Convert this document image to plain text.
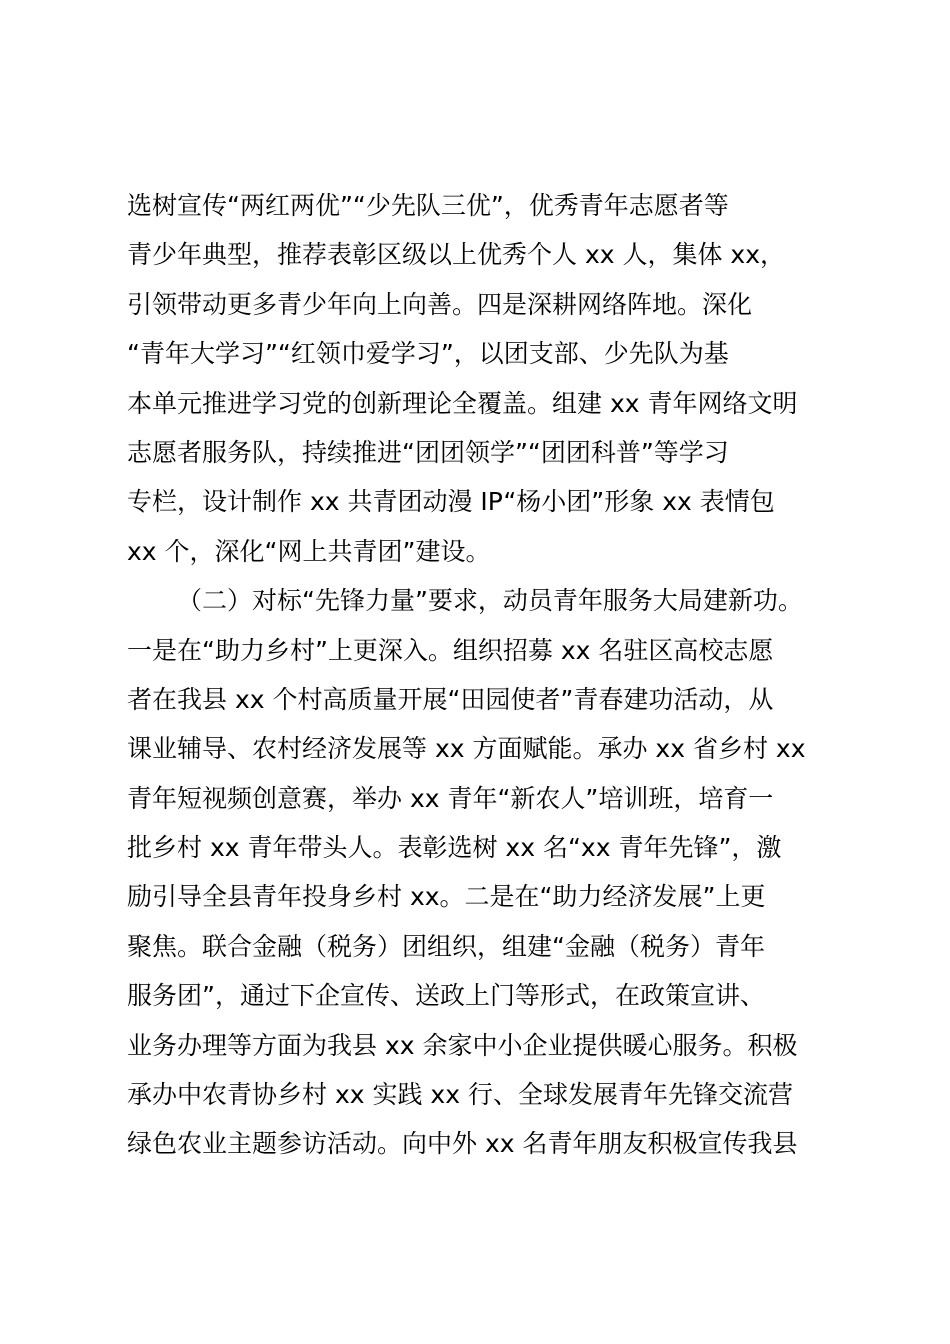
选树宣传“两红两优”“少先队三优”，优秀青年志愿者等
青少年典型，推荐表彰区级以上优秀个人 xx 人，集体 xx，
引领带动更多青少年向上向善。四是深耕网络阵地。深化
“青年大学习”“红领巾爱学习”，以团支部、少先队为基
本单元推进学习党的创新理论全覆盖。组建 xx 青年网络文明
志愿者服务队，持续推进“团团领学”“团团科普”等学习
专栏，设计制作 xx 共青团动漫 IP“杨小团”形象 xx 表情包
xx 个，深化“网上共青团”建设。
（二）对标“先锋力量”要求，动员青年服务大局建新功。
一是在“助力乡村”上更深入。组织招募 xx 名驻区高校志愿
者在我县 xx 个村高质量开展“田园使者”青春建功活动，从
课业辅导、农村经济发展等 xx 方面赋能。承办 xx 省乡村 xx
青年短视频创意赛，举办 xx 青年“新农人”培训班，培育一
批乡村 xx 青年带头人。表彰选树 xx 名“xx 青年先锋”，激
励引导全县青年投身乡村 xx。二是在“助力经济发展”上更
聚焦。联合金融（税务）团组织，组建“金融（税务）青年
服务团”，通过下企宣传、送政上门等形式，在政策宣讲、
业务办理等方面为我县 xx 余家中小企业提供暖心服务。积极
承办中农青协乡村 xx 实践 xx 行、全球发展青年先锋交流营
绿色农业主题参访活动。向中外 xx 名青年朋友积极宣传我县
